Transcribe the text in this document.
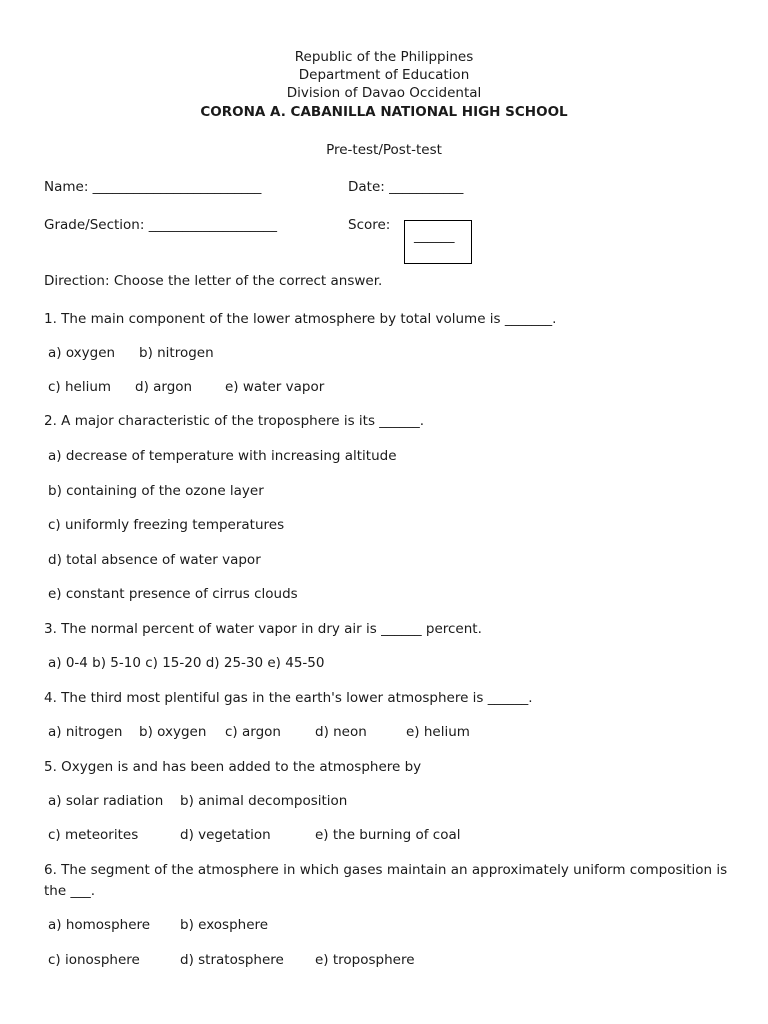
Republic of the Philippines
Department of Education
Division of Davao Occidental
CORONA A. CABANILLA NATIONAL HIGH SCHOOL
Pre-test/Post-test
Name: _________________________	Date: ___________
Grade/Section: ___________________	Score:
______
Direction: Choose the letter of the correct answer.
1. The main component of the lower atmosphere by total volume is _______.
a) oxygen b) nitrogen
c) helium d) argon e) water vapor
2. A major characteristic of the troposphere is its ______.
a) decrease of temperature with increasing altitude
b) containing of the ozone layer
c) uniformly freezing temperatures
d) total absence of water vapor
e) constant presence of cirrus clouds
3. The normal percent of water vapor in dry air is ______ percent.
a) 0-4 b) 5-10 c) 15-20 d) 25-30 e) 45-50
4. The third most plentiful gas in the earth's lower atmosphere is ______.
a) nitrogen b) oxygen c) argon	d) neon	e) helium
5. Oxygen is and has been added to the atmosphere by
a) solar radiation b) animal decomposition
c) meteorites	d) vegetation	e) the burning of coal
6. The segment of the atmosphere in which gases maintain an approximately uniform composition is
the ___.
a) homosphere b) exosphere
c) ionosphere	d) stratosphere e) troposphere
